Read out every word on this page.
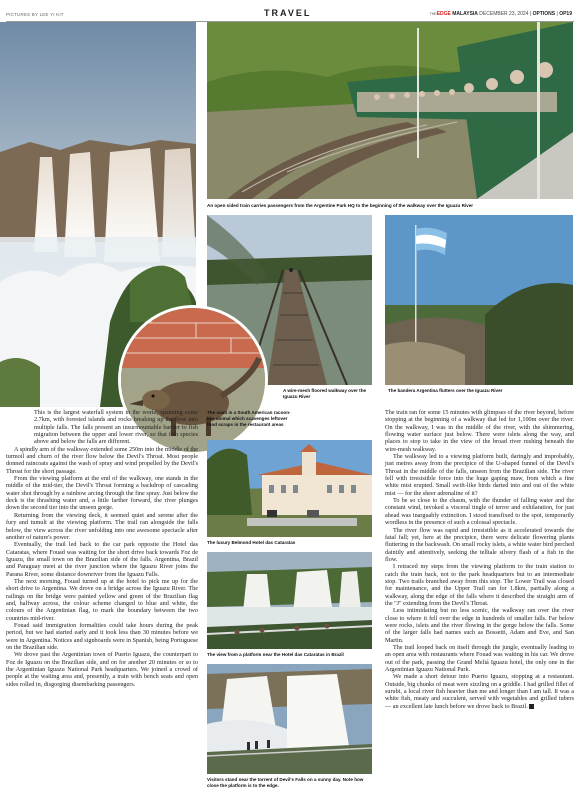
PICTURES BY LEE YI KIT	TRAVEL	THEEDGE MALAYSIA DECEMBER 23, 2024 | OPTIONS | OP19
An open sided train carries passengers from the Argentine Park HQ to the beginning of the walkway over the Iguazu River
A wire-mesh floored walkway over the Iguazu River
The bandera Argentina flutters over the Iguazu River
The coati is a South American racoon-like animal which scavenges leftover food scraps in the restaurant areas
The luxury Belmond Hotel das Cataratas
The view from a platform near the Hotel das Cataratas in Brazil
Visitors stand near the torrent of Devil's Falls on a sunny day. Note how close the platform is to the edge.

This is the largest waterfall system in the world, spanning some 2.7km, with forested islands and rocks breaking up the flow into multiple falls. The falls present an insurmountable barrier to fish migration between the upper and lower river, so that fish species above and below the falls are different.

A spindly arm of the walkway extended some 250m into the middle of the turmoil and churn of the river flow below the Devil's Throat. Most people donned raincoats against the wash of spray and wind propelled by the Devil's Throat for the short passage.

From the viewing platform at the end of the walkway, one stands in the middle of the mid-tier, the Devil's Throat forming a backdrop of cascading water shot through by a rainbow arcing through the fine spray. Just below the deck is the thrashing water and, a little farther forward, the river plunges down the second tier into the unseen gorge.

Returning from the viewing deck, it seemed quiet and serene after the fury and tumult at the viewing platform. The trail ran alongside the falls below, the view across the river unfolding into one awesome spectacle after another of nature's power.

Eventually, the trail led back to the car park opposite the Hotel das Cataratas, where Fouad was waiting for the short drive back towards Foz de Iguazu, the small town on the Brazilian side of the falls. Argentina, Brazil and Paraguay meet at the river junction where the Iguazu River joins the Parana River, some distance downriver from the Iguazu Falls.

The next morning, Fouad turned up at the hotel to pick me up for the short drive to Argentina. We drove on a bridge across the Iguazu River. The railings on the bridge were painted yellow and green of the Brazilian flag and, halfway across, the colour scheme changed to blue and white, the colours of the Argentinian flag, to mark the boundary between the two countries mid-river.

Fouad said immigration formalities could take hours during the peak period, but we had started early and it took less than 30 minutes before we were in Argentina. Notices and signboards were in Spanish, being Portuguese on the Brazilian side.

We drove past the Argentinian town of Puerto Iguazu, the counterpart to Foz de Iguazu on the Brazilian side, and on for another 20 minutes or so to the Argentinian Iguazu National Park headquarters. We joined a crowd of people at the waiting area and, presently, a train with bench seats and open sides rolled in, disgorging disembarking passengers.

The train ran for some 15 minutes with glimpses of the river beyond, before stopping at the beginning of a walkway that led for 1,100m over the river. On the walkway, I was in the middle of the river, with the shimmering, flowing water surface just below. There were islets along the way, and places to stop to take in the view of the broad river rushing beneath the wire-mesh walkway.

The walkway led to a viewing platform built, daringly and improbably, just metres away from the precipice of the U-shaped funnel of the Devil's Throat in the middle of the falls, unseen from the Brazilian side. The river fell with irresistible force into the huge gaping maw, from which a fine white mist erupted. Small swift-like birds darted into and out of the white mist — for the sheer adrenaline of it?

To be so close to the chasm, with the thunder of falling water and the constant wind, invoked a visceral tingle of terror and exhilaration, for just ahead was inarguably extinction. I stood transfixed to the spot, temporarily wordless in the presence of such a colossal spectacle.

The river flow was rapid and irresistible as it accelerated towards the fatal fall; yet, here at the precipice, there were delicate flowering plants fluttering in the backwash. On small rocky islets, a white water bird perched daintily and attentively, seeking the telltale silvery flash of a fish in the flow.

I retraced my steps from the viewing platform to the train station to catch the train back, not to the park headquarters but to an intermediate stop. Two trails branched away from this stop. The Lower Trail was closed for maintenance, and the Upper Trail ran for 1.8km, partially along a walkway, along the edge of the falls where it described the straight arm of the "J" extending from the Devil's Throat.

Less intimidating but no less scenic, the walkway ran over the river close to where it fell over the edge in hundreds of smaller falls. Far below were rocks, islets and the river flowing in the gorge below the falls. Some of the larger falls had names such as Bossetti, Adam and Eve, and San Martin.

The trail looped back on itself through the jungle, eventually leading to an open area with restaurants where Fouad was waiting in his car. We drove out of the park, passing the Grand Meliá Iguazu hotel, the only one in the Argentinian Iguazu National Park.

We made a short detour into Puerto Iguazu, stopping at a restaurant. Outside, big chunks of meat were sizzling on a griddle. I had grilled fillet of surubi, a local river fish heavier than me and longer than I am tall. It was a white fish, meaty and succulent, served with vegetables and grilled tubers — an excellent late lunch before we drove back to Brazil. B
